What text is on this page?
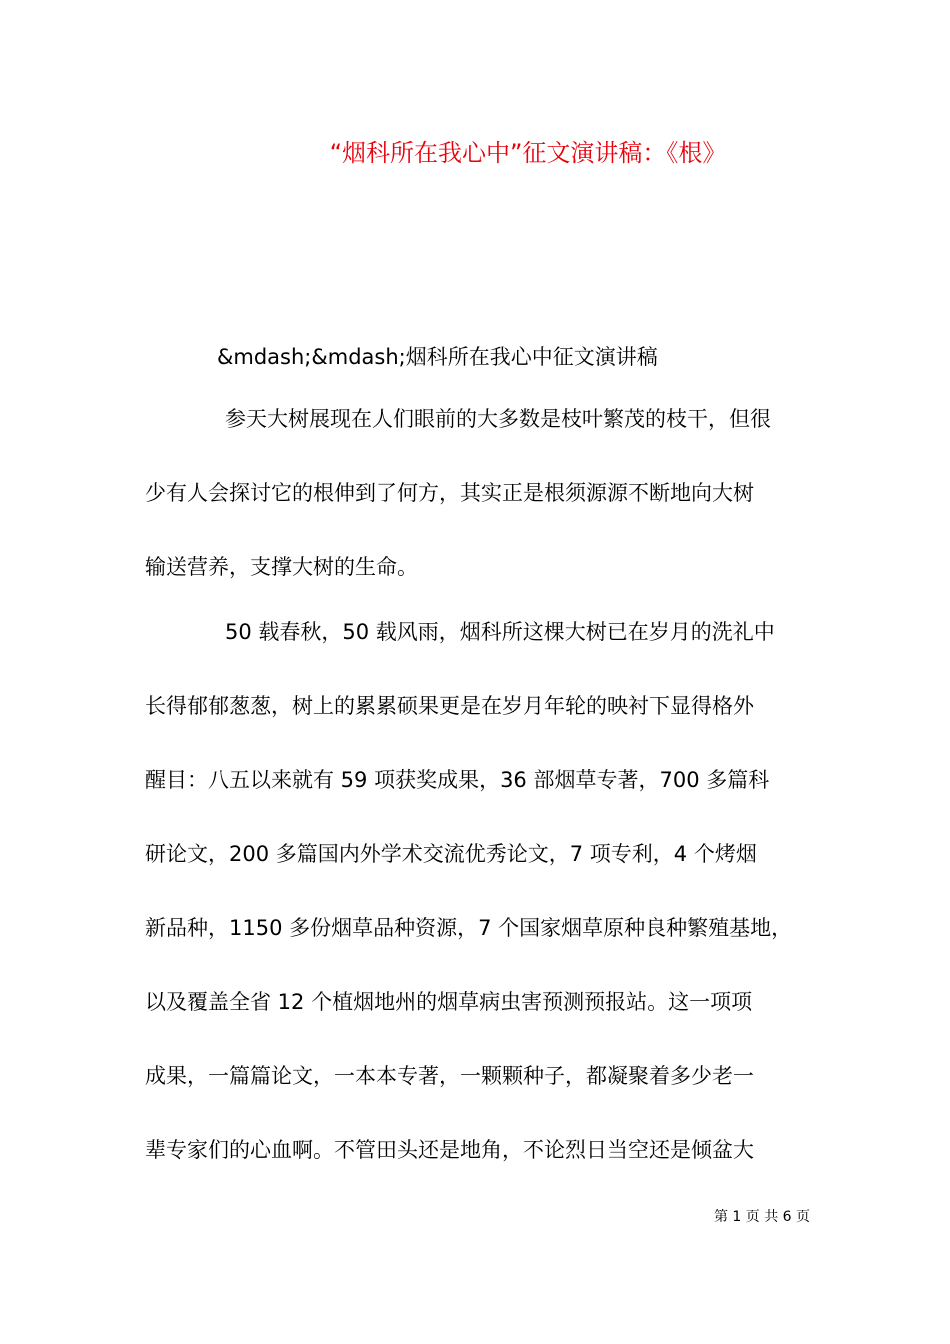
“烟科所在我心中”征文演讲稿：《根》
&mdash;&mdash;烟科所在我心中征文演讲稿
参天大树展现在人们眼前的大多数是枝叶繁茂的枝干，但很
少有人会探讨它的根伸到了何方，其实正是根须源源不断地向大树
输送营养，支撑大树的生命。
50 载春秋，50 载风雨，烟科所这棵大树已在岁月的洗礼中
长得郁郁葱葱，树上的累累硕果更是在岁月年轮的映衬下显得格外
醒目：八五以来就有 59 项获奖成果，36 部烟草专著，700 多篇科
研论文，200 多篇国内外学术交流优秀论文，7 项专利，4 个烤烟
新品种，1150 多份烟草品种资源，7 个国家烟草原种良种繁殖基地，
以及覆盖全省 12 个植烟地州的烟草病虫害预测预报站。这一项项
成果，一篇篇论文，一本本专著，一颗颗种子，都凝聚着多少老一
辈专家们的心血啊。不管田头还是地角，不论烈日当空还是倾盆大
第 1 页 共 6 页
